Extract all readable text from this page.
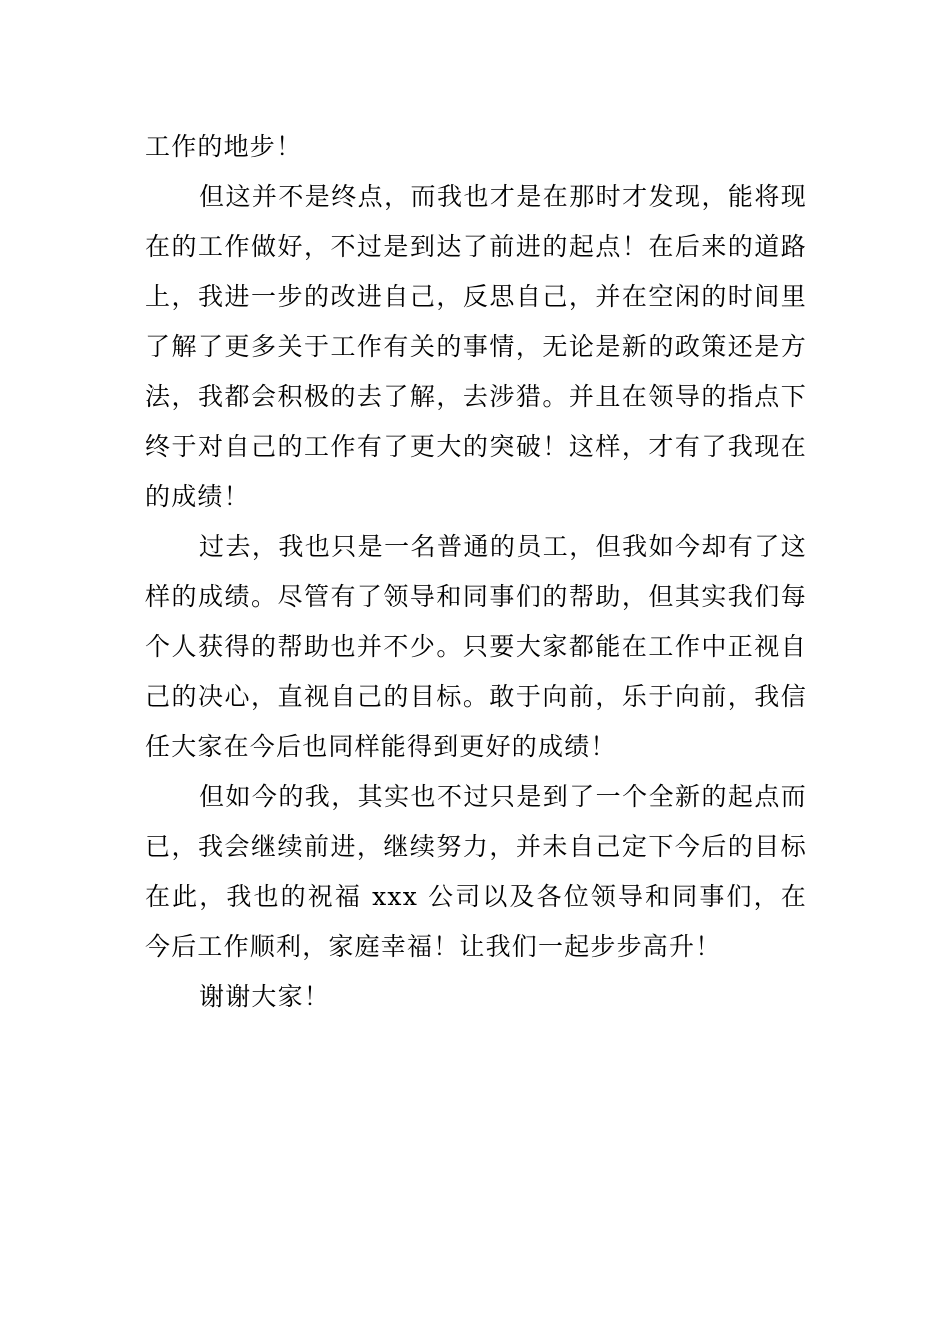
工作的地步！

但这并不是终点，而我也才是在那时才发现，能将现在的工作做好，不过是到达了前进的起点！在后来的道路上，我进一步的改进自己，反思自己，并在空闲的时间里了解了更多关于工作有关的事情，无论是新的政策还是方法，我都会积极的去了解，去涉猎。并且在领导的指点下终于对自己的工作有了更大的突破！这样，才有了我现在的成绩！

过去，我也只是一名普通的员工，但我如今却有了这样的成绩。尽管有了领导和同事们的帮助，但其实我们每个人获得的帮助也并不少。只要大家都能在工作中正视自己的决心，直视自己的目标。敢于向前，乐于向前，我信任大家在今后也同样能得到更好的成绩！

但如今的我，其实也不过只是到了一个全新的起点而已，我会继续前进，继续努力，并未自己定下今后的目标在此，我也的祝福 xxx 公司以及各位领导和同事们，在今后工作顺利，家庭幸福！让我们一起步步高升！

谢谢大家！
